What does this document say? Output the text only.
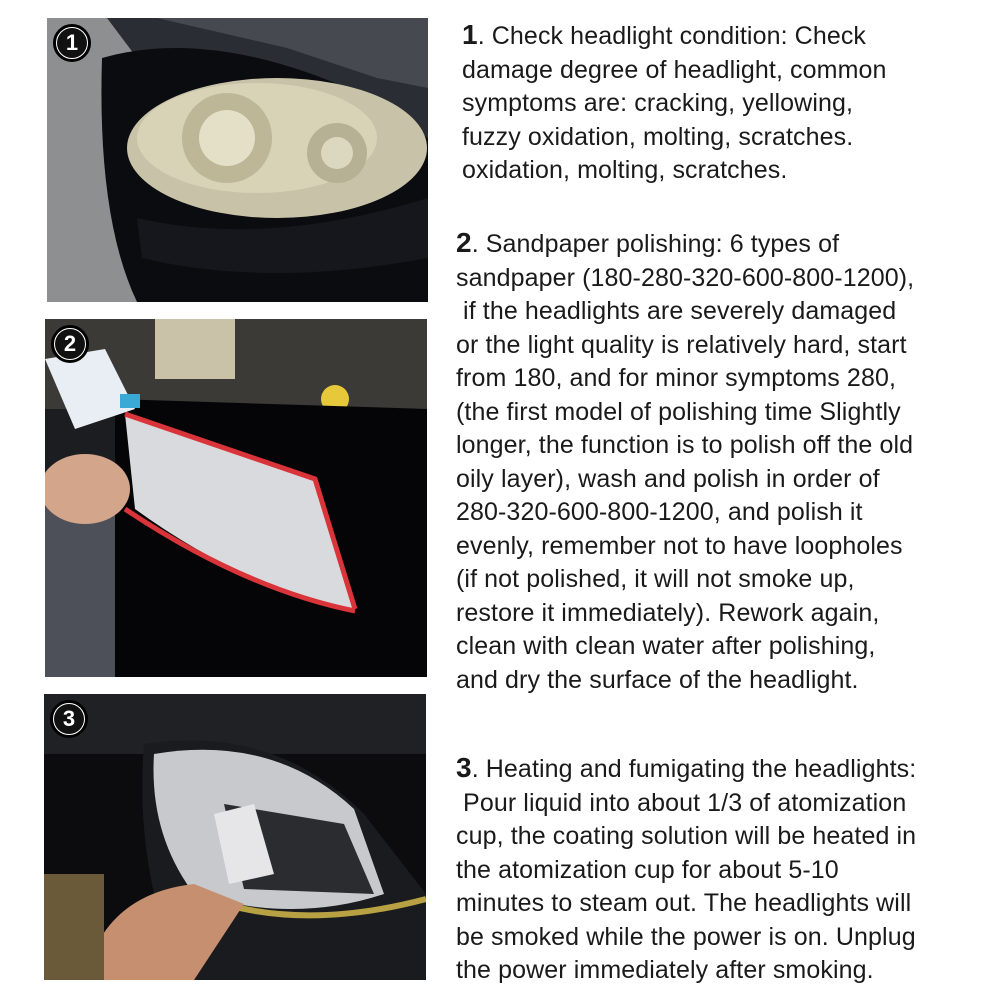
1
2
3

1. Check headlight condition: Check

damage degree of headlight, common

symptoms are: cracking, yellowing,

fuzzy oxidation, molting, scratches.

oxidation, molting, scratches.

2. Sandpaper polishing: 6 types of

sandpaper (180-280-320-600-800-1200),

if the headlights are severely damaged

or the light quality is relatively hard, start

from 180, and for minor symptoms 280,

(the first model of polishing time Slightly

longer, the function is to polish off the old

oily layer), wash and polish in order of

280-320-600-800-1200, and polish it

evenly, remember not to have loopholes

(if not polished, it will not smoke up,

restore it immediately). Rework again,

clean with clean water after polishing,

and dry the surface of the headlight.

3. Heating and fumigating the headlights:

Pour liquid into about 1/3 of atomization

cup, the coating solution will be heated in

the atomization cup for about 5-10

minutes to steam out. The headlights will

be smoked while the power is on. Unplug

the power immediately after smoking.
